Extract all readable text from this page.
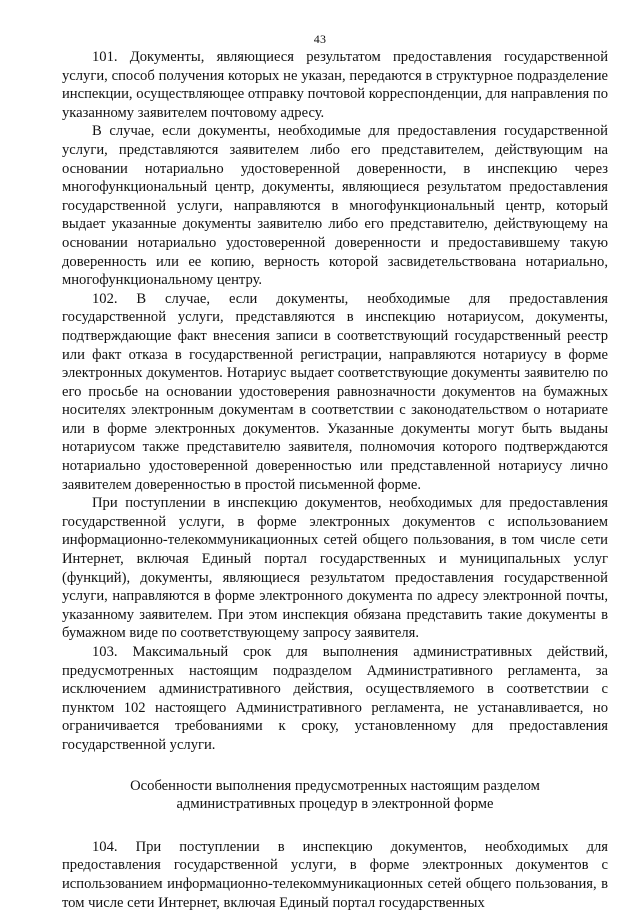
43

101. Документы, являющиеся результатом предоставления государственной услуги, способ получения которых не указан, передаются в структурное подразделение инспекции, осуществляющее отправку почтовой корреспонденции, для направления по указанному заявителем почтовому адресу.

В случае, если документы, необходимые для предоставления государственной услуги, представляются заявителем либо его представителем, действующим на основании нотариально удостоверенной доверенности, в инспекцию через многофункциональный центр, документы, являющиеся результатом предоставления государственной услуги, направляются в многофункциональный центр, который выдает указанные документы заявителю либо его представителю, действующему на основании нотариально удостоверенной доверенности и предоставившему такую доверенность или ее копию, верность которой засвидетельствована нотариально, многофункциональному центру.

102. В случае, если документы, необходимые для предоставления государственной услуги, представляются в инспекцию нотариусом, документы, подтверждающие факт внесения записи в соответствующий государственный реестр или факт отказа в государственной регистрации, направляются нотариусу в форме электронных документов. Нотариус выдает соответствующие документы заявителю по его просьбе на основании удостоверения равнозначности документов на бумажных носителях электронным документам в соответствии с законодательством о нотариате или в форме электронных документов. Указанные документы могут быть выданы нотариусом также представителю заявителя, полномочия которого подтверждаются нотариально удостоверенной доверенностью или представленной нотариусу лично заявителем доверенностью в простой письменной форме.

При поступлении в инспекцию документов, необходимых для предоставления государственной услуги, в форме электронных документов с использованием информационно-телекоммуникационных сетей общего пользования, в том числе сети Интернет, включая Единый портал государственных и муниципальных услуг (функций), документы, являющиеся результатом предоставления государственной услуги, направляются в форме электронного документа по адресу электронной почты, указанному заявителем. При этом инспекция обязана представить такие документы в бумажном виде по соответствующему запросу заявителя.

103. Максимальный срок для выполнения административных действий, предусмотренных настоящим подразделом Административного регламента, за исключением административного действия, осуществляемого в соответствии с пунктом 102 настоящего Административного регламента, не устанавливается, но ограничивается требованиями к сроку, установленному для предоставления государственной услуги.

Особенности выполнения предусмотренных настоящим разделом
административных процедур в электронной форме

104. При поступлении в инспекцию документов, необходимых для предоставления государственной услуги, в форме электронных документов с использованием информационно-телекоммуникационных сетей общего пользования, в том числе сети Интернет, включая Единый портал государственных
